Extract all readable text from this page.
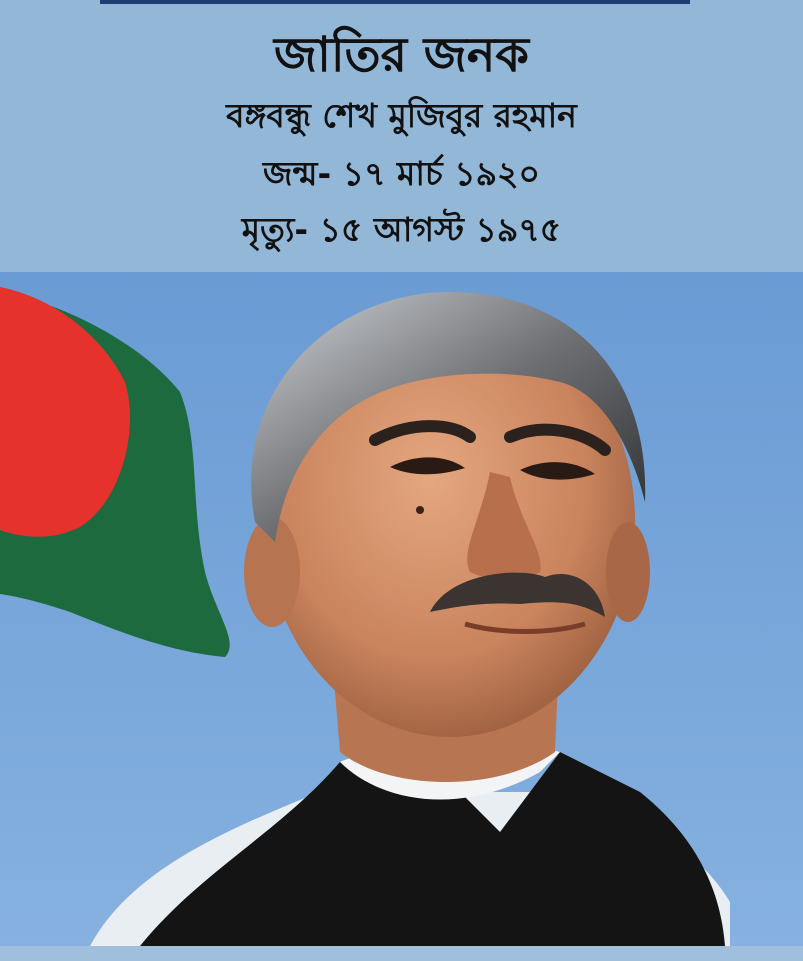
জাতির জনক
বঙ্গবন্ধু শেখ মুজিবুর রহমান
জন্ম- ১৭ মার্চ ১৯২০
মৃত্যু- ১৫ আগস্ট ১৯৭৫
